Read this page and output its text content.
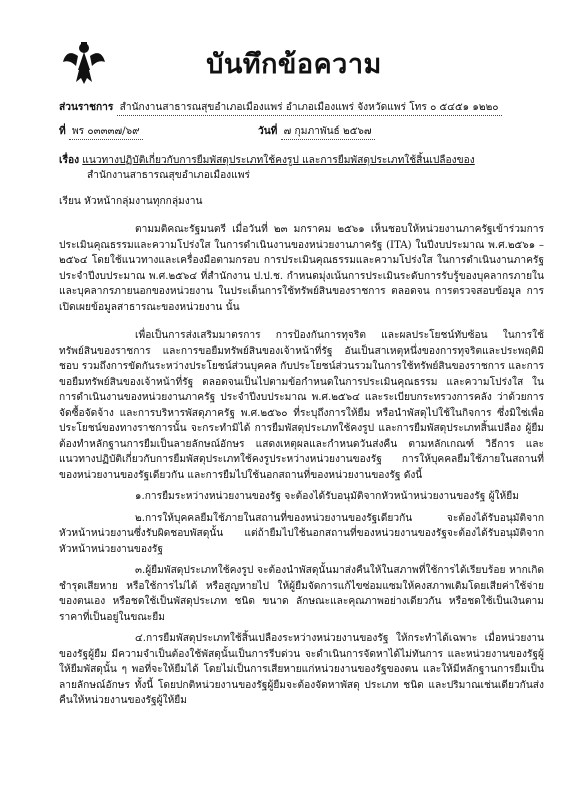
บันทึกข้อความ
ส่วนราชการ สำนักงานสาธารณสุขอำเภอเมืองแพร่ อำเภอเมืองแพร่ จังหวัดแพร่ โทร ๐ ๕๔๕๑ ๑๒๒๐
ที่ พร ๐๓๓๓๗/๖๙	วันที่ ๗ กุมภาพันธ์ ๒๕๖๗
เรื่อง แนวทางปฏิบัติเกี่ยวกับการยืมพัสดุประเภทใช้คงรูป และการยืมพัสดุประเภทใช้สิ้นเปลืองของ
สำนักงานสาธารณสุขอำเภอเมืองแพร่
เรียน หัวหน้ากลุ่มงานทุกกลุ่มงาน

ตามมติคณะรัฐมนตรี เมื่อวันที่ ๒๓ มกราคม ๒๕๖๑ เห็นชอบให้หน่วยงานภาครัฐเข้าร่วมการประเมินคุณธรรมและความโปร่งใส ในการดำเนินงานของหน่วยงานภาครัฐ (ITA) ในปีงบประมาณ พ.ศ.๒๕๖๑ – ๒๕๖๔ โดยใช้แนวทางและเครื่องมือตามกรอบ การประเมินคุณธรรมและความโปร่งใส ในการดำเนินงานภาครัฐ ประจำปีงบประมาณ พ.ศ.๒๕๖๔ ที่สำนักงาน ป.ป.ช. กำหนดมุ่งเน้นการประเมินระดับการรับรู้ของบุคลากรภายใน และบุคลากรภายนอกของหน่วยงาน ในประเด็นการใช้ทรัพย์สินของราชการ ตลอดจน การตรวจสอบข้อมูล การเปิดเผยข้อมูลสาธารณะของหน่วยงาน นั้น

เพื่อเป็นการส่งเสริมมาตรการ การป้องกันการทุจริต และผลประโยชน์ทับซ้อน ในการใช้ทรัพย์สินของราชการ และการขอยืมทรัพย์สินของเจ้าหน้าที่รัฐ อันเป็นสาเหตุหนึ่งของการทุจริตและประพฤติมิชอบ รวมถึงการขัดกันระหว่างประโยชน์ส่วนบุคคล กับประโยชน์ส่วนรวมในการใช้ทรัพย์สินของราชการ และการขอยืมทรัพย์สินของเจ้าหน้าที่รัฐ ตลอดจนเป็นไปตามข้อกำหนดในการประเมินคุณธรรม และความโปร่งใส ในการดำเนินงานของหน่วยงานภาครัฐ ประจำปีงบประมาณ พ.ศ.๒๕๖๔ และระเบียบกระทรวงการคลัง ว่าด้วยการจัดซื้อจัดจ้าง และการบริหารพัสดุภาครัฐ พ.ศ.๒๕๖๐ ที่ระบุถึงการให้ยืม หรือนำพัสดุไปใช้ในกิจการ ซึ่งมิใช่เพื่อประโยชน์ของทางราชการนั้น จะกระทำมิได้ การยืมพัสดุประเภทใช้คงรูป และการยืมพัสดุประเภทสิ้นเปลือง ผู้ยืมต้องทำหลักฐานการยืมเป็นลายลักษณ์อักษร แสดงเหตุผลและกำหนดวันส่งคืน ตามหลักเกณฑ์ วิธีการ และแนวทางปฏิบัติเกี่ยวกับการยืมพัสดุประเภทใช้คงรูประหว่างหน่วยงานของรัฐ การให้บุคคลยืมใช้ภายในสถานที่ของหน่วยงานของรัฐเดียวกัน และการยืมไปใช้นอกสถานที่ของหน่วยงานของรัฐ ดังนี้

๑.การยืมระหว่างหน่วยงานของรัฐ จะต้องได้รับอนุมัติจากหัวหน้าหน่วยงานของรัฐ ผู้ให้ยืม

๒.การให้บุคคลยืมใช้ภายในสถานที่ของหน่วยงานของรัฐเดียวกัน จะต้องได้รับอนุมัติจากหัวหน้าหน่วยงานซึ่งรับผิดชอบพัสดุนั้น แต่ถ้ายืมไปใช้นอกสถานที่ของหน่วยงานของรัฐจะต้องได้รับอนุมัติจากหัวหน้าหน่วยงานของรัฐ

๓.ผู้ยืมพัสดุประเภทใช้คงรูป จะต้องนำพัสดุนั้นมาส่งคืนให้ในสภาพที่ใช้การได้เรียบร้อย หากเกิดชำรุดเสียหาย หรือใช้การไม่ได้ หรือสูญหายไป ให้ผู้ยืมจัดการแก้ไขซ่อมแซมให้คงสภาพเดิมโดยเสียค่าใช้จ่ายของตนเอง หรือชดใช้เป็นพัสดุประเภท ชนิด ขนาด ลักษณะและคุณภาพอย่างเดียวกัน หรือชดใช้เป็นเงินตามราคาที่เป็นอยู่ในขณะยืม

๔.การยืมพัสดุประเภทใช้สิ้นเปลืองระหว่างหน่วยงานของรัฐ ให้กระทำได้เฉพาะ เมื่อหน่วยงานของรัฐผู้ยืม มีความจำเป็นต้องใช้พัสดุนั้นเป็นการรีบด่วน จะดำเนินการจัดหาได้ไม่ทันการ และหน่วยงานของรัฐผู้ให้ยืมพัสดุนั้น ๆ พอที่จะให้ยืมได้ โดยไม่เป็นการเสียหายแก่หน่วยงานของรัฐของตน และให้มีหลักฐานการยืมเป็นลายลักษณ์อักษร ทั้งนี้ โดยปกติหน่วยงานของรัฐผู้ยืมจะต้องจัดหาพัสดุ ประเภท ชนิด และปริมาณเช่นเดียวกันส่งคืนให้หน่วยงานของรัฐผู้ให้ยืม
